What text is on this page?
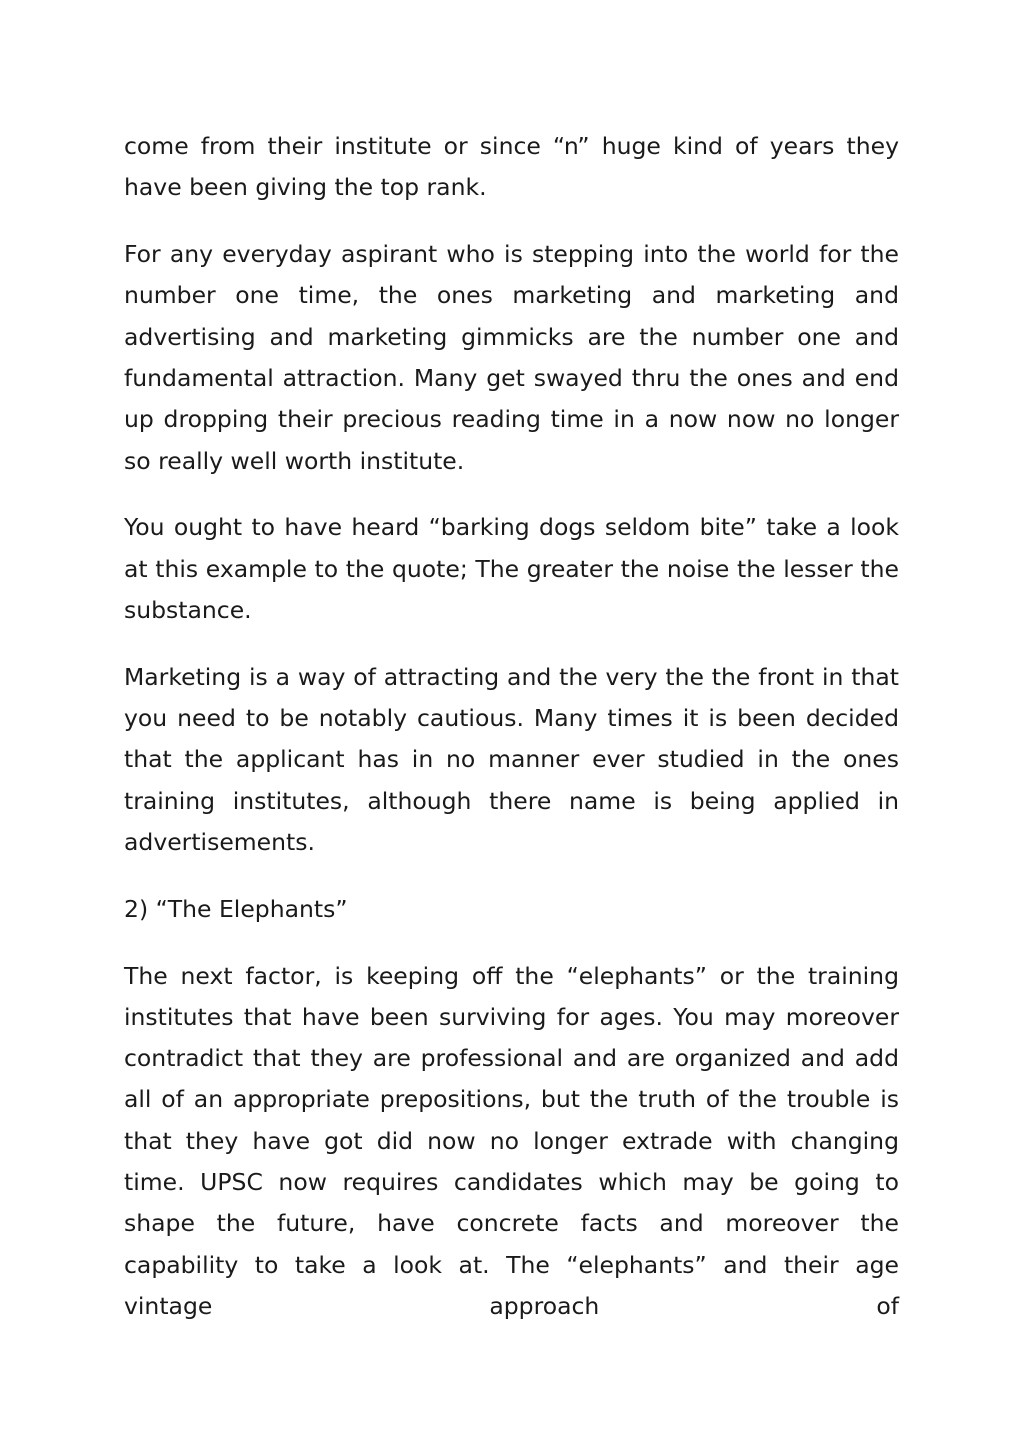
come from their institute or since “n” huge kind of years they have been giving the top rank.

For any everyday aspirant who is stepping into the world for the number one time, the ones marketing and marketing and advertising and marketing gimmicks are the number one and fundamental attraction. Many get swayed thru the ones and end up dropping their precious reading time in a now now no longer so really well worth institute.

You ought to have heard “barking dogs seldom bite” take a look at this example to the quote; The greater the noise the lesser the substance.

Marketing is a way of attracting and the very the the front in that you need to be notably cautious. Many times it is been decided that the applicant has in no manner ever studied in the ones training institutes, although there name is being applied in advertisements.

2) “The Elephants”

The next factor, is keeping off the “elephants” or the training institutes that have been surviving for ages. You may moreover contradict that they are professional and are organized and add all of an appropriate prepositions, but the truth of the trouble is that they have got did now no longer extrade with changing time. UPSC now requires candidates which may be going to shape the future, have concrete facts and moreover the capability to take a look at. The “elephants” and their age vintage approach of
